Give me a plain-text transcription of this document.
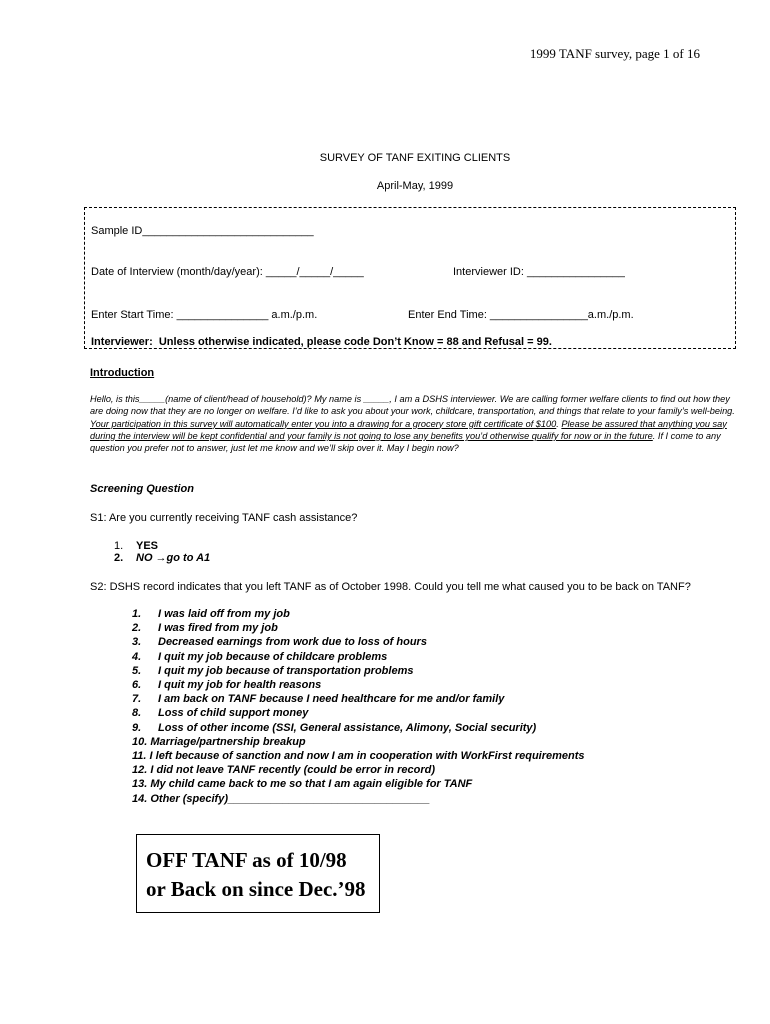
1999 TANF survey, page 1 of 16
SURVEY OF TANF EXITING CLIENTS
April-May, 1999
Sample ID____________________________
Date of Interview (month/day/year): _____/_____/_____	Interviewer ID: ________________
Enter Start Time: _______________ a.m./p.m.	Enter End Time: ________________a.m./p.m.
Interviewer:  Unless otherwise indicated, please code Don’t Know = 88 and Refusal = 99.
Introduction
Hello, is this_____(name of client/head of household)? My name is _____, I am a DSHS interviewer. We are calling former welfare clients to find out how they are doing now that they are no longer on welfare. I’d like to ask you about your work, childcare, transportation, and things that relate to your family’s well-being. Your participation in this survey will automatically enter you into a drawing for a grocery store gift certificate of $100. Please be assured that anything you say during the interview will be kept confidential and your family is not going to lose any benefits you’d otherwise qualify for now or in the future. If I come to any question you prefer not to answer, just let me know and we’ll skip over it. May I begin now?
Screening Question
S1: Are you currently receiving TANF cash assistance?
1. YES
2. NO →go to A1
S2: DSHS record indicates that you left TANF as of October 1998. Could you tell me what caused you to be back on TANF?
1.	I was laid off from my job
2.	I was fired from my job
3.	Decreased earnings from work due to loss of hours
4.	I quit my job because of childcare problems
5.	I quit my job because of transportation problems
6.	I quit my job for health reasons
7.	I am back on TANF because I need healthcare for me and/or family
8.	Loss of child support money
9.	Loss of other income (SSI, General assistance, Alimony, Social security)
10.
Marriage/partnership breakup
11.
I left because of sanction and now I am in cooperation with WorkFirst requirements
12.
I did not leave TANF recently (could be error in record)
13.
My child came back to me so that I am again eligible for TANF
14.
Other (specify)_________________________________
OFF TANF as of 10/98
or Back on since Dec.’98
